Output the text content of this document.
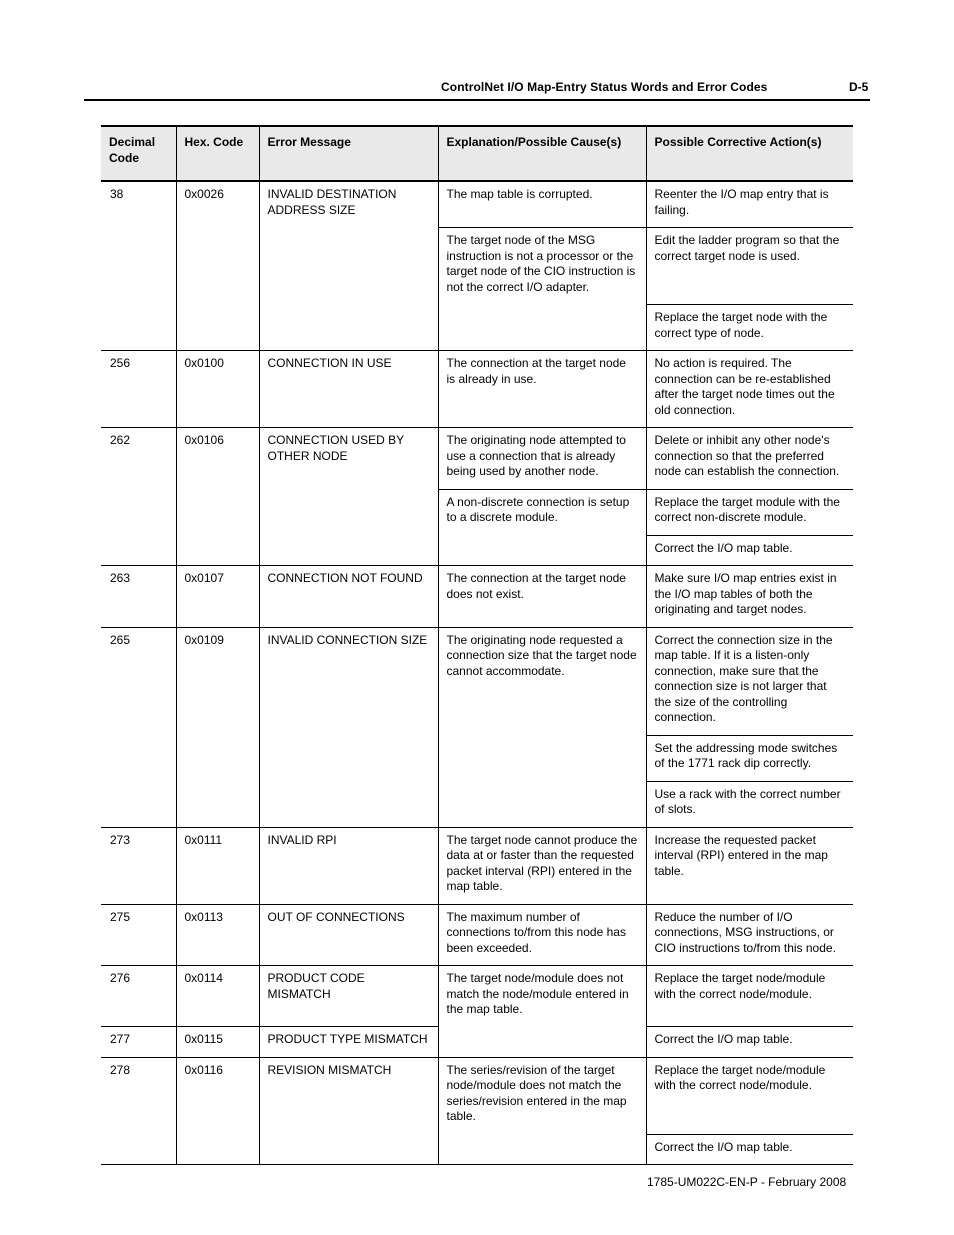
ControlNet I/O Map-Entry Status Words and Error Codes	D-5
Decimal Code	Hex. Code	Error Message	Explanation/Possible Cause(s)	Possible Corrective Action(s)
38	0x0026	INVALID DESTINATION ADDRESS SIZE	The map table is corrupted.	Reenter the I/O map entry that is failing.
			The target node of the MSG instruction is not a processor or the target node of the CIO instruction is not the correct I/O adapter.	Edit the ladder program so that the correct target node is used.
				Replace the target node with the correct type of node.
256	0x0100	CONNECTION IN USE	The connection at the target node is already in use.	No action is required. The connection can be re-established after the target node times out the old connection.
262	0x0106	CONNECTION USED BY OTHER NODE	The originating node attempted to use a connection that is already being used by another node.	Delete or inhibit any other node's connection so that the preferred node can establish the connection.
			A non-discrete connection is setup to a discrete module.	Replace the target module with the correct non-discrete module.
				Correct the I/O map table.
263	0x0107	CONNECTION NOT FOUND	The connection at the target node does not exist.	Make sure I/O map entries exist in the I/O map tables of both the originating and target nodes.
265	0x0109	INVALID CONNECTION SIZE	The originating node requested a connection size that the target node cannot accommodate.	Correct the connection size in the map table. If it is a listen-only connection, make sure that the connection size is not larger that the size of the controlling connection.
				Set the addressing mode switches of the 1771 rack dip correctly.
				Use a rack with the correct number of slots.
273	0x0111	INVALID RPI	The target node cannot produce the data at or faster than the requested packet interval (RPI) entered in the map table.	Increase the requested packet interval (RPI) entered in the map table.
275	0x0113	OUT OF CONNECTIONS	The maximum number of connections to/from this node has been exceeded.	Reduce the number of I/O connections, MSG instructions, or CIO instructions to/from this node.
276	0x0114	PRODUCT CODE MISMATCH	The target node/module does not match the node/module entered in the map table.	Replace the target node/module with the correct node/module.
277	0x0115	PRODUCT TYPE MISMATCH		Correct the I/O map table.
278	0x0116	REVISION MISMATCH	The series/revision of the target node/module does not match the series/revision entered in the map table.	Replace the target node/module with the correct node/module.
				Correct the I/O map table.
1785-UM022C-EN-P - February 2008
